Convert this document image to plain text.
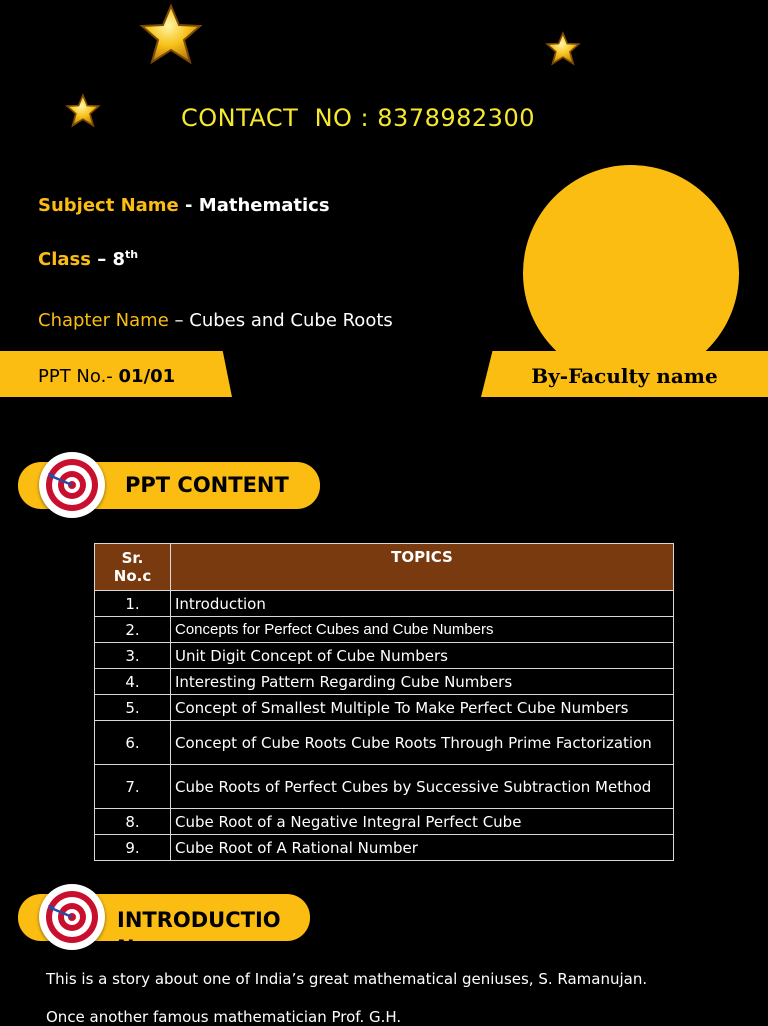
CONTACT  NO : 8378982300
Subject Name - Mathematics
Class – 8th
Chapter Name – Cubes and Cube Roots
PPT No.- 01/01	By-Faculty name
PPT CONTENT
Sr. No.c	TOPICS
1.	Introduction
2.	Concepts for Perfect Cubes and Cube Numbers
3.	Unit Digit Concept of Cube Numbers
4.	Interesting Pattern Regarding Cube Numbers
5.	Concept of Smallest Multiple To Make Perfect Cube Numbers
6.	Concept of Cube Roots Cube Roots Through Prime Factorization
7.	Cube Roots of Perfect Cubes by Successive Subtraction Method
8.	Cube Root of a Negative Integral Perfect Cube
9.	Cube Root of A Rational Number
INTRODUCTIO N
This is a story about one of India’s great mathematical geniuses, S. Ramanujan.
Once another famous mathematician Prof. G.H.
